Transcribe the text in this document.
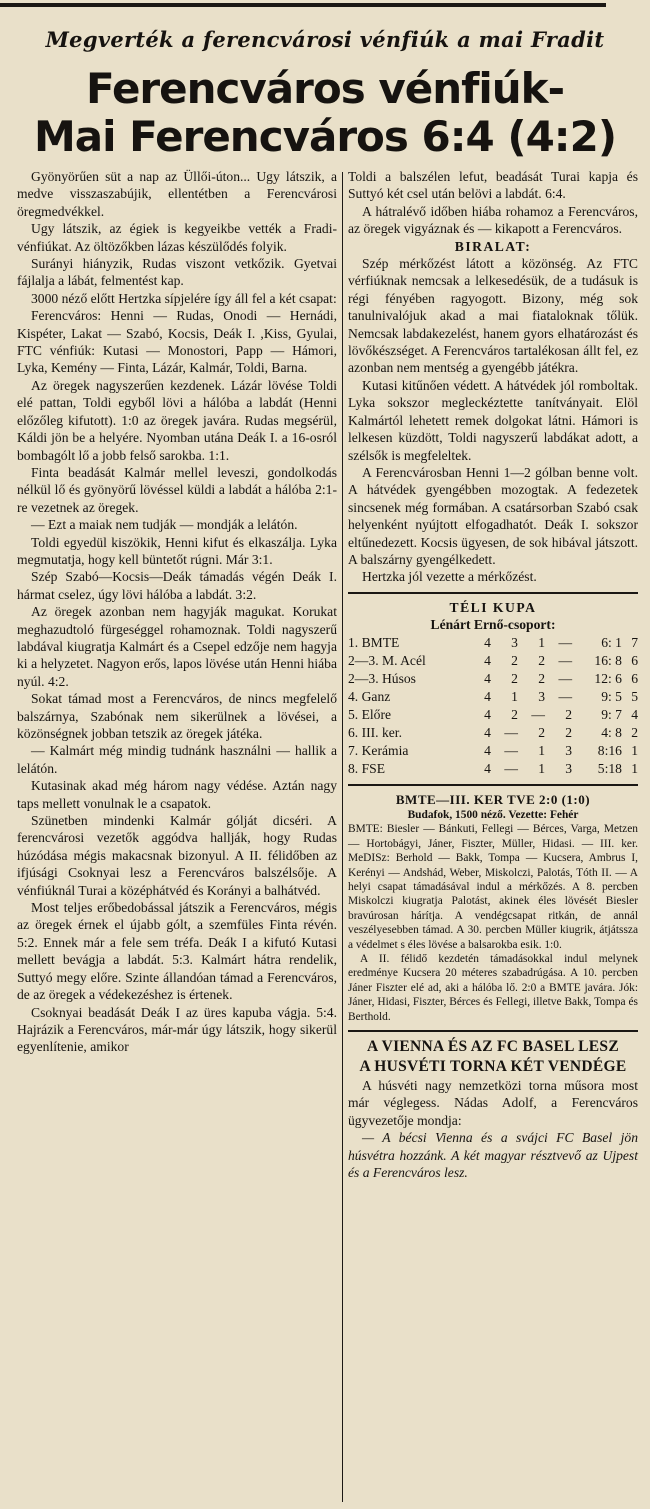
Megverték a ferencvárosi vénfiúk a mai Fradit
Ferencváros vénfiúk-
Mai Ferencváros 6:4 (4:2)

Gyönyörűen süt a nap az Üllői-úton... Ugy látszik, a medve visszaszabújik, ellentétben a Ferencvárosi öregmedvékkel.

Ugy látszik, az égiek is kegyeikbe vették a Fradi-vénfiúkat. Az öltözőkben lázas készülődés folyik.

Surányi hiányzik, Rudas viszont vetkőzik. Gyetvai fájlalja a lábát, felmentést kap.

3000 néző előtt Hertzka sípjelére így áll fel a két csapat:

Ferencváros: Henni — Rudas, Onodi — Hernádi, Kispéter, Lakat — Szabó, Kocsis, Deák I. ,Kiss, Gyulai, FTC vénfiúk: Kutasi — Monostori, Papp — Hámori, Lyka, Kemény — Finta, Lázár, Kalmár, Toldi, Barna.

Az öregek nagyszerűen kezdenek. Lázár lövése Toldi elé pattan, Toldi egyből lövi a hálóba a labdát (Henni előzőleg kifutott). 1:0 az öregek javára. Rudas megsérül, Káldi jön be a helyére. Nyomban utána Deák I. a 16-osról bombagólt lő a jobb felső sarokba. 1:1.

Finta beadását Kalmár mellel leveszi, gondolkodás nélkül lő és gyönyörű lövéssel küldi a labdát a hálóba 2:1-re vezetnek az öregek.

— Ezt a maiak nem tudják — mondják a lelátón.

Toldi egyedül kiszökik, Henni kifut és elkaszálja. Lyka megmutatja, hogy kell büntetőt rúgni. Már 3:1.

Szép Szabó—Kocsis—Deák támadás végén Deák I. hármat cselez, úgy lövi hálóba a labdát. 3:2.

Az öregek azonban nem hagyják magukat. Korukat meghazudtoló fürgeséggel rohamoznak. Toldi nagyszerű labdával kiugratja Kalmárt és a Csepel edzője nem hagyja ki a helyzetet. Nagyon erős, lapos lövése után Henni hiába nyúl. 4:2.

Sokat támad most a Ferencváros, de nincs megfelelő balszárnya, Szabónak nem sikerülnek a lövései, a közönségnek jobban tetszik az öregek játéka.

— Kalmárt még mindig tudnánk használni — hallik a lelátón.

Kutasinak akad még három nagy védése. Aztán nagy taps mellett vonulnak le a csapatok.

Szünetben mindenki Kalmár gólját dicséri. A ferencvárosi vezetők aggódva hallják, hogy Rudas húzódása mégis makacsnak bizonyul. A II. félidőben az ifjúsági Csoknyai lesz a Ferencváros balszélsője. A vénfiúknál Turai a középhátvéd és Korányi a balhátvéd.

Most teljes erőbedobással játszik a Ferencváros, mégis az öregek érnek el újabb gólt, a szemfüles Finta révén. 5:2. Ennek már a fele sem tréfa. Deák I a kifutó Kutasi mellett bevágja a labdát. 5:3. Kalmárt hátra rendelik, Suttyó megy előre. Szinte állandóan támad a Ferencváros, de az öregek a védekezéshez is értenek.

Csoknyai beadását Deák I az üres kapuba vágja. 5:4. Hajrázik a Ferencváros, már-már úgy látszik, hogy sikerül egyenlítenie, amikor

Toldi a balszélen lefut, beadását Turai kapja és Suttyó két csel után belövi a labdát. 6:4.

A hátralévő időben hiába rohamoz a Ferencváros, az öregek vigyáznak és — kikapott a Ferencváros.

BIRALAT:

Szép mérkőzést látott a közönség. Az FTC vérfiúknak nemcsak a lelkesedésük, de a tudásuk is régi fényében ragyogott. Bizony, még sok tanulnivalójuk akad a mai fiataloknak tőlük. Nemcsak labdakezelést, hanem gyors elhatározást és lövőkészséget. A Ferencváros tartalékosan állt fel, ez azonban nem mentség a gyengébb játékra.

Kutasi kitűnően védett. A hátvédek jól romboltak. Lyka sokszor megleckéztette tanítványait. Elöl Kalmártól lehetett remek dolgokat látni. Hámori is lelkesen küzdött, Toldi nagyszerű labdákat adott, a szélsők is megfeleltek.

A Ferencvárosban Henni 1—2 gólban benne volt. A hátvédek gyengébben mozogtak. A fedezetek sincsenek még formában. A csatársorban Szabó csak helyenként nyújtott elfogadhatót. Deák I. sokszor eltűnedezett. Kocsis ügyesen, de sok hibával játszott. A balszárny gyengélkedett.

Hertzka jól vezette a mérkőzést.

TÉLI KUPA

Lénárt Ernő-csoport:

1. BMTE	4	3	1	—	6: 1	7
2—3. M. Acél	4	2	2	—	16: 8	6
2—3. Húsos	4	2	2	—	12: 6	6
4. Ganz	4	1	3	—	9: 5	5
5. Előre	4	2	—	2	9: 7	4
6. III. ker.	4	—	2	2	4: 8	2
7. Kerámia	4	—	1	3	8:16	1
8. FSE	4	—	1	3	5:18	1

BMTE—III. KER TVE 2:0 (1:0)

Budafok, 1500 néző. Vezette: Fehér

BMTE: Biesler — Bánkuti, Fellegi — Bérces, Varga, Metzen — Hortobágyi, Jáner, Fiszter, Müller, Hidasi. — III. ker. MeDISz: Berhold — Bakk, Tompa — Kucsera, Ambrus I, Kerényi — Andshád, Weber, Miskolczi, Palotás, Tóth II. — A helyi csapat támadásával indul a mérkőzés. A 8. percben Miskolczi kiugratja Palotást, akinek éles lövését Biesler bravúrosan hárítja. A vendégcsapat ritkán, de annál veszélyesebben támad. A 30. percben Müller kiugrik, átjátssza a védelmet s éles lövése a balsarokba esik. 1:0.

A II. félidő kezdetén támadásokkal indul melynek eredménye Kucsera 20 méteres szabadrúgása. A 10. percben Jáner Fiszter elé ad, aki a hálóba lő. 2:0 a BMTE javára. Jók: Jáner, Hidasi, Fiszter, Bérces és Fellegi, illetve Bakk, Tompa és Berthold.

A VIENNA ÉS AZ FC BASEL LESZ

A HUSVÉTI TORNA KÉT VENDÉGE

A húsvéti nagy nemzetközi torna műsora most már véglegess. Nádas Adolf, a Ferencváros ügyvezetője mondja:

— A bécsi Vienna és a svájci FC Basel jön húsvétra hozzánk. A két magyar résztvevő az Ujpest és a Ferencváros lesz.
